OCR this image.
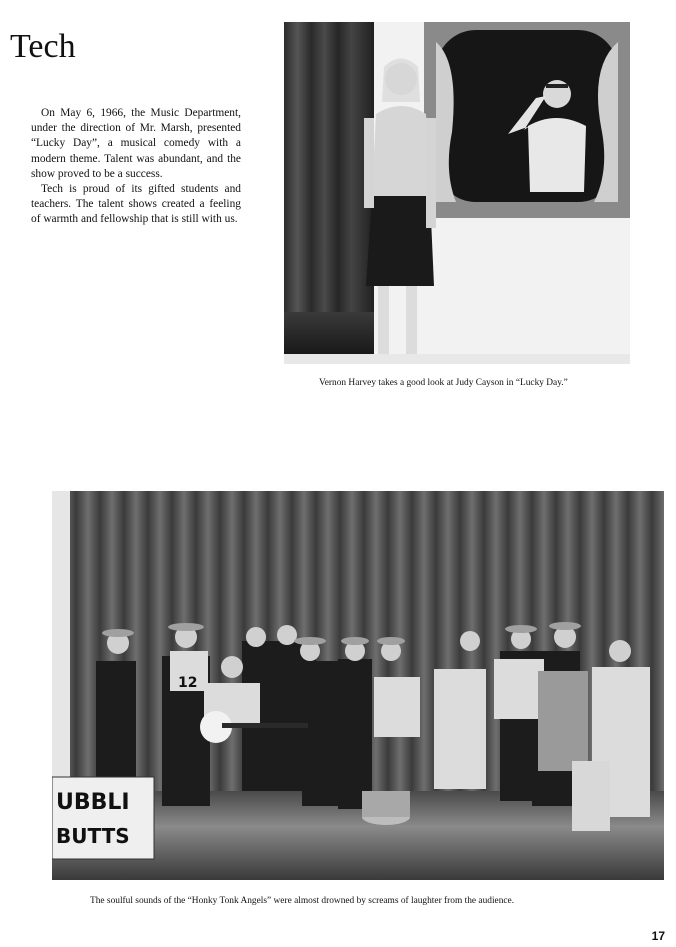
Tech

On May 6, 1966, the Music Department, under the direction of Mr. Marsh, presented “Lucky Day”, a musical comedy with a modern theme. Talent was abundant, and the show proved to be a success.

Tech is proud of its gifted students and teachers. The talent shows created a feeling of warmth and fellowship that is still with us.

Vernon Harvey takes a good look at Judy Cayson in “Lucky Day.”
12
UBBLI
BUTTS
The soulful sounds of the “Honky Tonk Angels” were almost drowned by screams of laughter from the audience.
17
